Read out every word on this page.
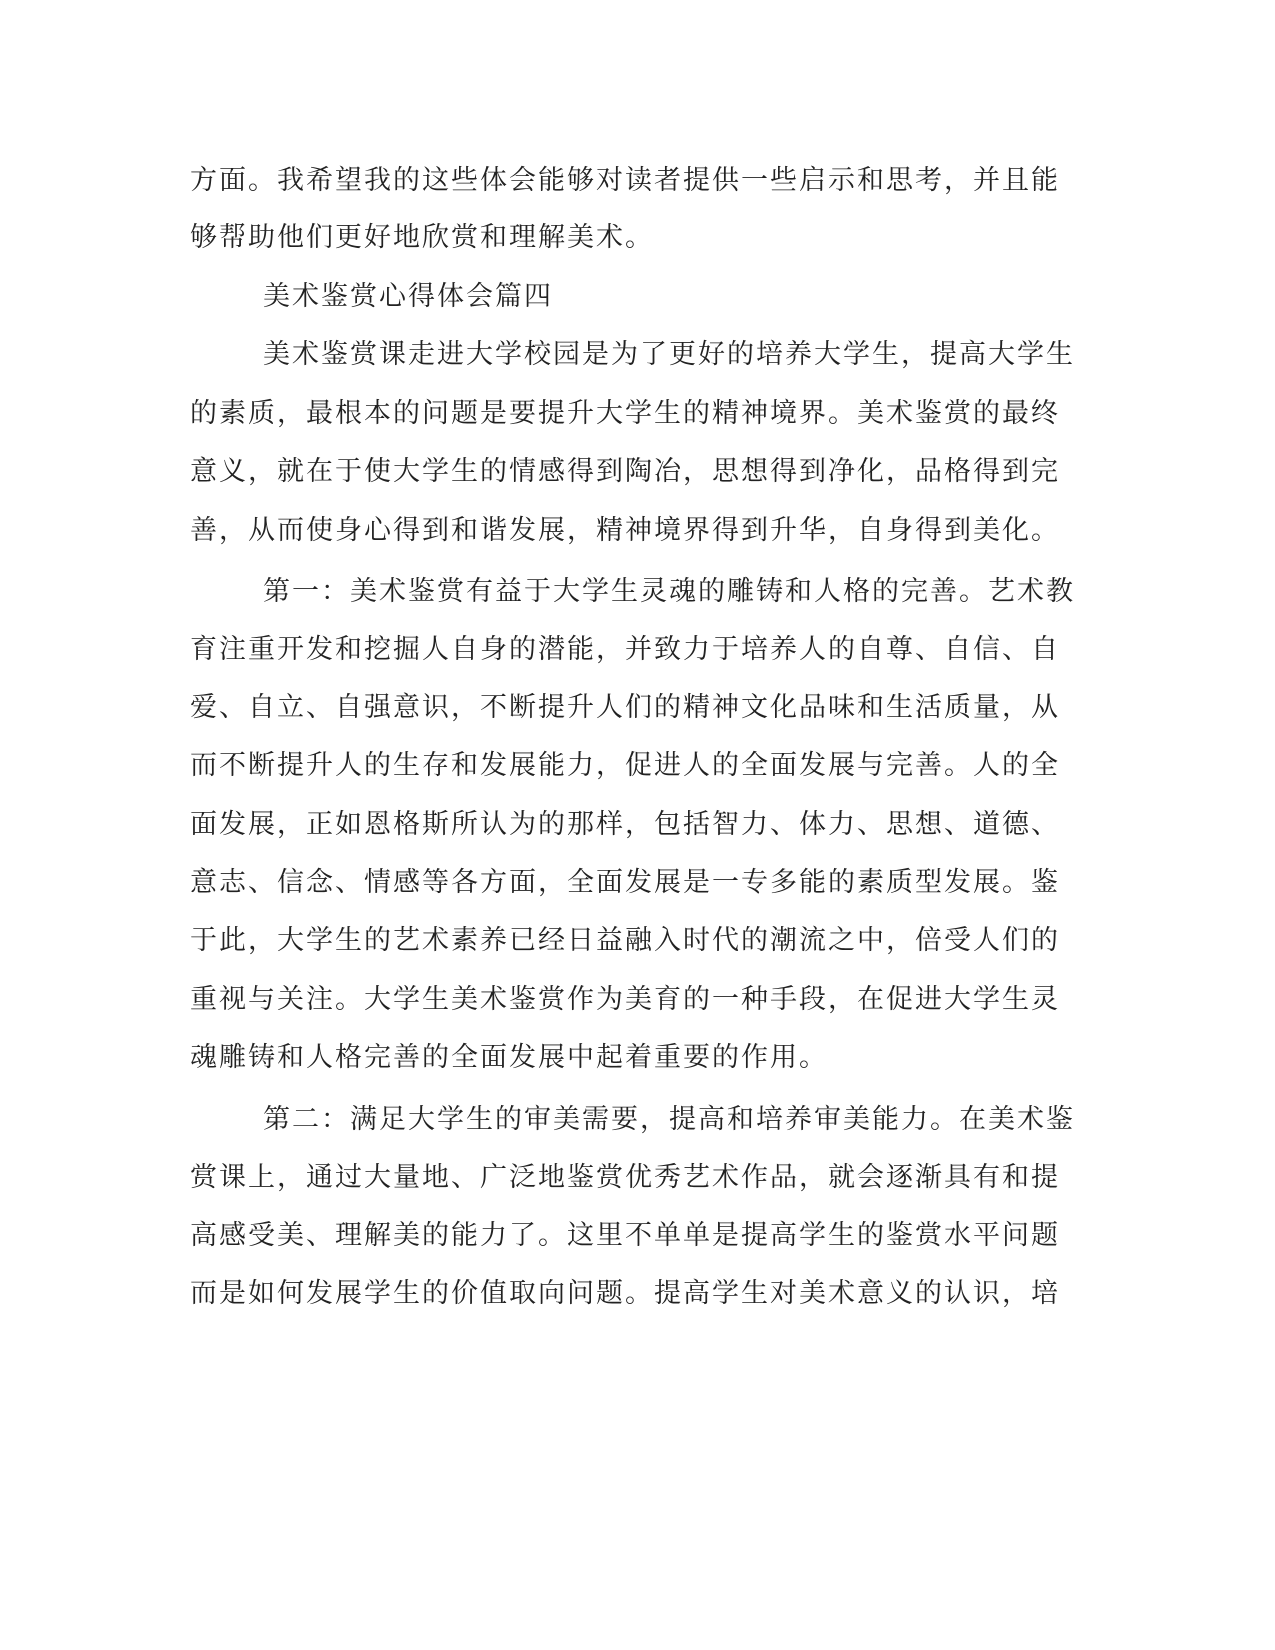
方面。我希望我的这些体会能够对读者提供一些启示和思考，并且能
够帮助他们更好地欣赏和理解美术。
美术鉴赏心得体会篇四
美术鉴赏课走进大学校园是为了更好的培养大学生，提高大学生
的素质，最根本的问题是要提升大学生的精神境界。美术鉴赏的最终
意义，就在于使大学生的情感得到陶冶，思想得到净化，品格得到完
善，从而使身心得到和谐发展，精神境界得到升华，自身得到美化。
第一：美术鉴赏有益于大学生灵魂的雕铸和人格的完善。艺术教
育注重开发和挖掘人自身的潜能，并致力于培养人的自尊、自信、自
爱、自立、自强意识，不断提升人们的精神文化品味和生活质量，从
而不断提升人的生存和发展能力，促进人的全面发展与完善。人的全
面发展，正如恩格斯所认为的那样，包括智力、体力、思想、道德、
意志、信念、情感等各方面，全面发展是一专多能的素质型发展。鉴
于此，大学生的艺术素养已经日益融入时代的潮流之中，倍受人们的
重视与关注。大学生美术鉴赏作为美育的一种手段，在促进大学生灵
魂雕铸和人格完善的全面发展中起着重要的作用。
第二：满足大学生的审美需要，提高和培养审美能力。在美术鉴
赏课上，通过大量地、广泛地鉴赏优秀艺术作品，就会逐渐具有和提
高感受美、理解美的能力了。这里不单单是提高学生的鉴赏水平问题
而是如何发展学生的价值取向问题。提高学生对美术意义的认识，培
